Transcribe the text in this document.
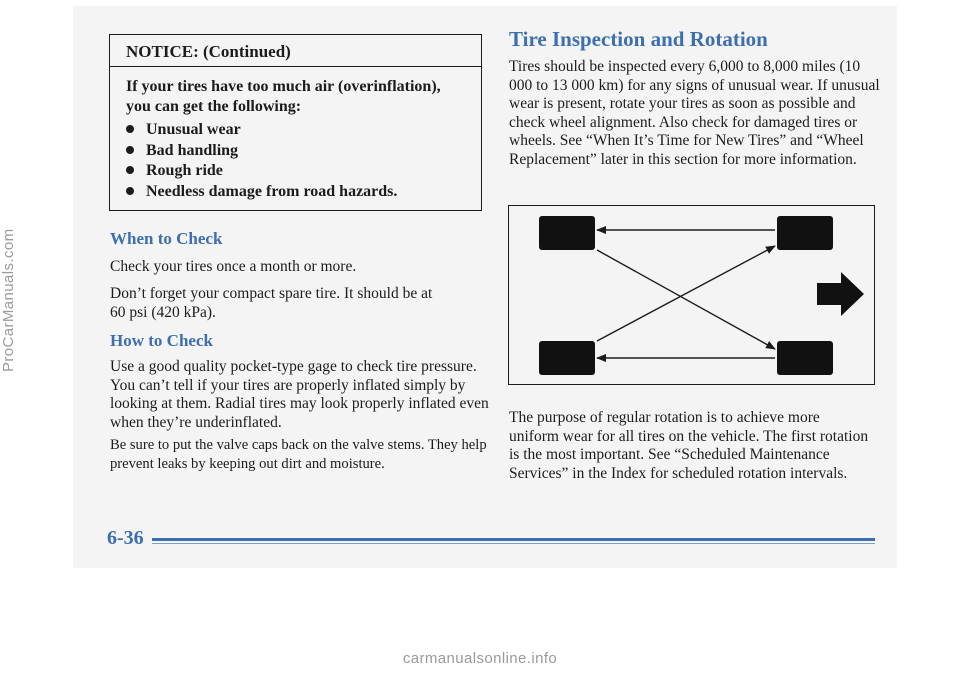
ProCarManuals.com
carmanualsonline.info
NOTICE: (Continued)

If your tires have too much air (overinflation), you can get the following:

Unusual wear
Bad handling
Rough ride
Needless damage from road hazards.
When to Check

Check your tires once a month or more.

Don’t forget your compact spare tire. It should be at 60 psi (420 kPa).

How to Check

Use a good quality pocket-type gage to check tire pressure. You can’t tell if your tires are properly inflated simply by looking at them. Radial tires may look properly inflated even when they’re underinflated.

Be sure to put the valve caps back on the valve stems. They help prevent leaks by keeping out dirt and moisture.

Tire Inspection and Rotation

Tires should be inspected every 6,000 to 8,000 miles (10 000 to 13 000 km) for any signs of unusual wear. If unusual wear is present, rotate your tires as soon as possible and check wheel alignment. Also check for damaged tires or wheels. See “When It’s Time for New Tires” and “Wheel Replacement” later in this section for more information.

The purpose of regular rotation is to achieve more uniform wear for all tires on the vehicle. The first rotation is the most important. See “Scheduled Maintenance Services” in the Index for scheduled rotation intervals.

6-36
